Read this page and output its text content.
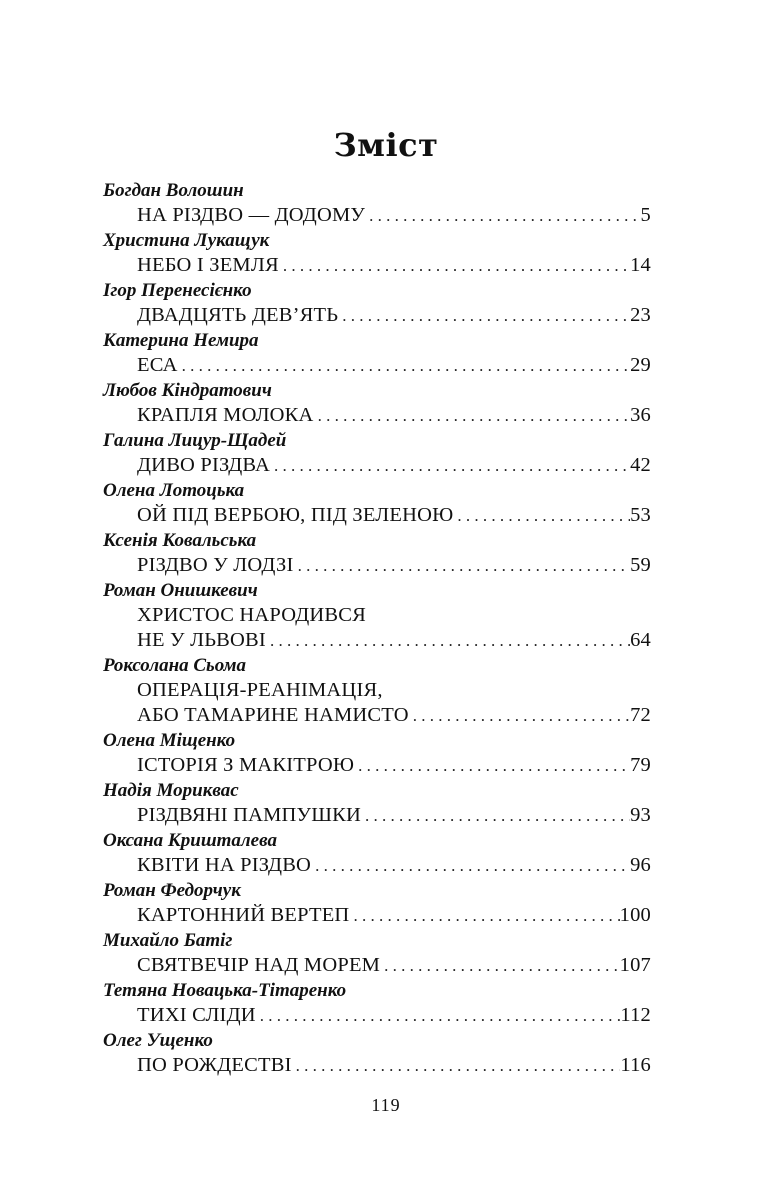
Зміст
Богдан Волошин
НА РІЗДВО — ДОДОМУ . . .	5
Христина Лукащук
НЕБО І ЗЕМЛЯ . . .	14
Ігор Перенесієнко
ДВАДЦЯТЬ ДЕВ’ЯТЬ . . .	23
Катерина Немира
ЕСА . . .	29
Любов Кіндратович
КРАПЛЯ МОЛОКА . . .	36
Галина Лицур-Щадей
ДИВО РІЗДВА . . .	42
Олена Лотоцька
ОЙ ПІД ВЕРБОЮ, ПІД ЗЕЛЕНОЮ . . .	53
Ксенія Ковальська
РІЗДВО У ЛОДЗІ . . .	59
Роман Онишкевич
ХРИСТОС НАРОДИВСЯ
НЕ У ЛЬВОВІ . . .	64
Роксолана Сьома
ОПЕРАЦІЯ-РЕАНІМАЦІЯ,
АБО ТАМАРИНЕ НАМИСТО . . .	72
Олена Міщенко
ІСТОРІЯ З МАКІТРОЮ . . .	79
Надія Мориквас
РІЗДВЯНІ ПАМПУШКИ . . .	93
Оксана Кришталева
КВІТИ НА РІЗДВО . . .	96
Роман Федорчук
КАРТОННИЙ ВЕРТЕП . . .	100
Михайло Батіг
СВЯТВЕЧІР НАД МОРЕМ . . .	107
Тетяна Новацька-Тітаренко
ТИХІ СЛІДИ . . .	112
Олег Ущенко
ПО РОЖДЕСТВІ . . .	116
119
